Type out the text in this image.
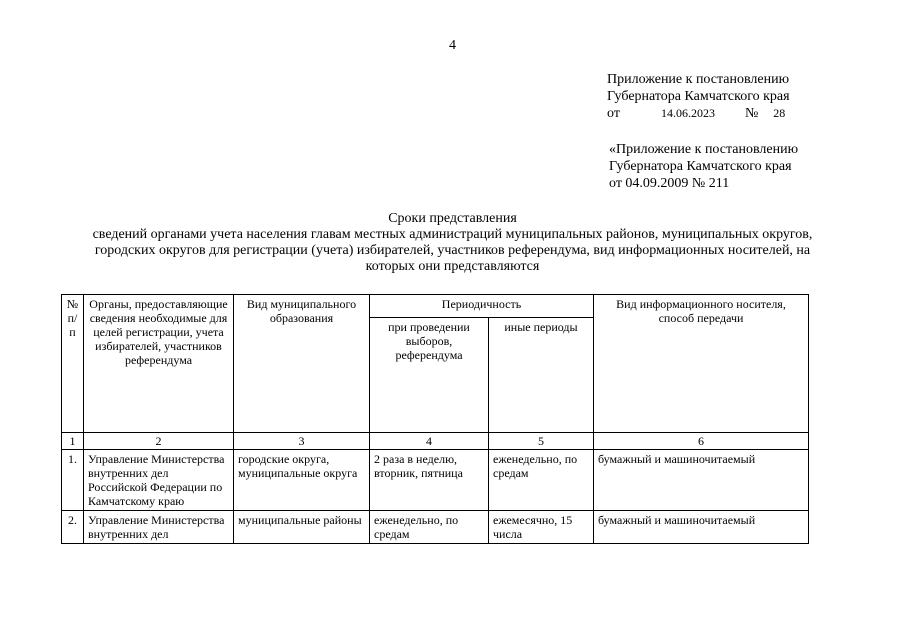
4
Приложение к постановлению
Губернатора Камчатского края
от	14.06.2023 № 28
«Приложение к постановлению
Губернатора Камчатского края
от 04.09.2009 № 211
Сроки представления
сведений органами учета населения главам местных администраций муниципальных районов, муниципальных округов,
городских округов для регистрации (учета) избирателей, участников референдума, вид информационных носителей, на
которых они представляются
№ п/п	Органы, предоставляющие сведения необходимые для целей регистрации, учета избирателей, участников референдума	Вид муниципального образования	Периодичность		Вид информационного носителя, способ передачи
			при проведении выборов, референдума	иные периоды	
1	2	3	4	5	6
1.	Управление Министерства внутренних дел Российской Федерации по Камчатскому краю	городские округа, муниципальные округа	2 раза в неделю, вторник, пятница	еженедельно, по средам	бумажный и машиночитаемый
2.	Управление Министерства внутренних дел	муниципальные районы	еженедельно, по средам	ежемесячно, 15 числа	бумажный и машиночитаемый
